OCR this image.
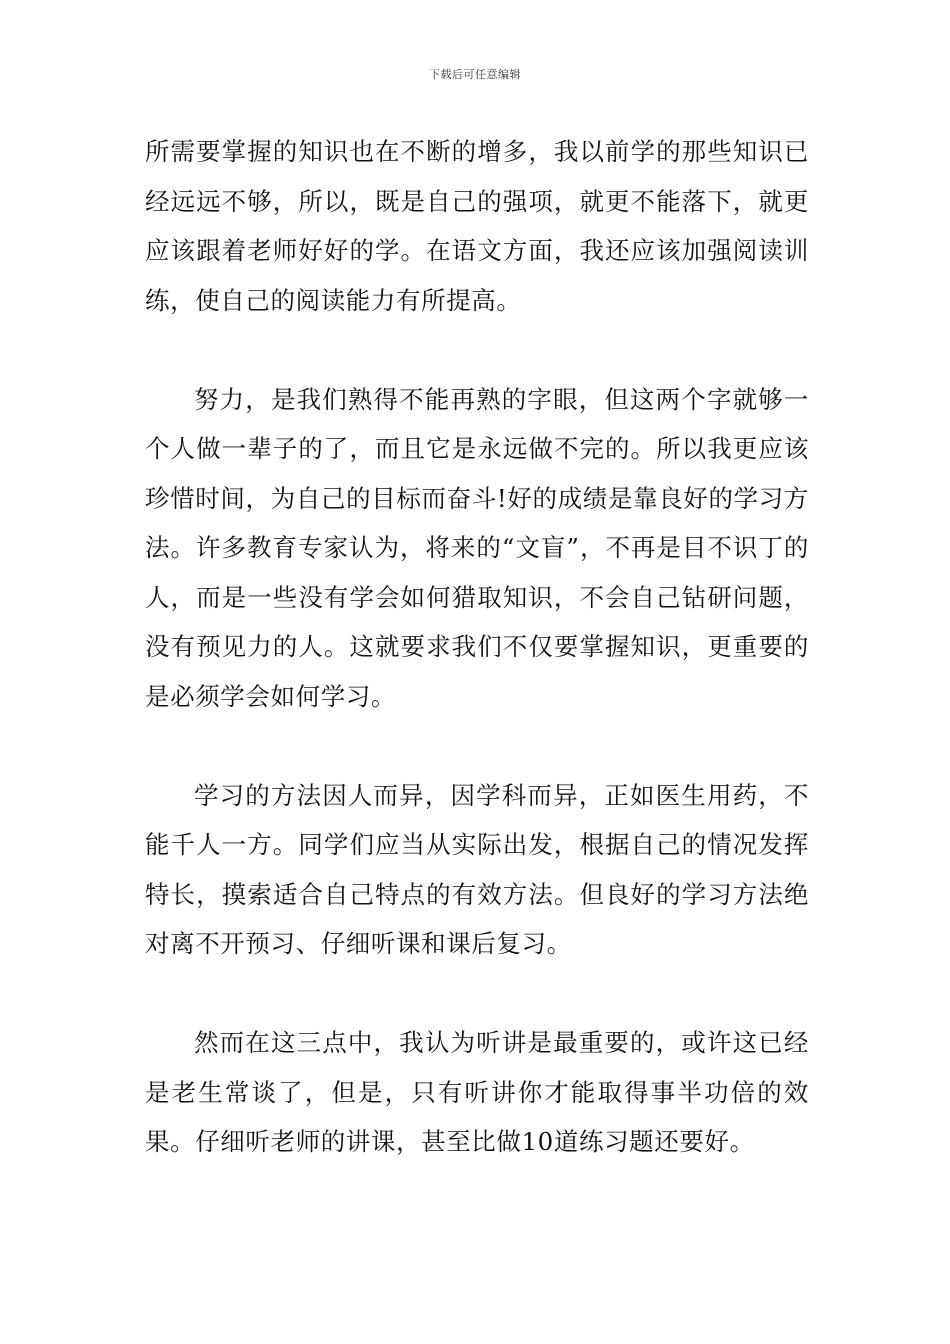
下载后可任意编辑

所需要掌握的知识也在不断的增多，我以前学的那些知识已经远远不够，所以，既是自己的强项，就更不能落下，就更应该跟着老师好好的学。在语文方面，我还应该加强阅读训练，使自己的阅读能力有所提高。

努力，是我们熟得不能再熟的字眼，但这两个字就够一个人做一辈子的了，而且它是永远做不完的。所以我更应该珍惜时间，为自己的目标而奋斗!好的成绩是靠良好的学习方法。许多教育专家认为，将来的“文盲”，不再是目不识丁的人，而是一些没有学会如何猎取知识，不会自己钻研问题，没有预见力的人。这就要求我们不仅要掌握知识，更重要的是必须学会如何学习。

学习的方法因人而异，因学科而异，正如医生用药，不能千人一方。同学们应当从实际出发，根据自己的情况发挥特长，摸索适合自己特点的有效方法。但良好的学习方法绝对离不开预习、仔细听课和课后复习。

然而在这三点中，我认为听讲是最重要的，或许这已经是老生常谈了，但是，只有听讲你才能取得事半功倍的效果。仔细听老师的讲课，甚至比做10道练习题还要好。
